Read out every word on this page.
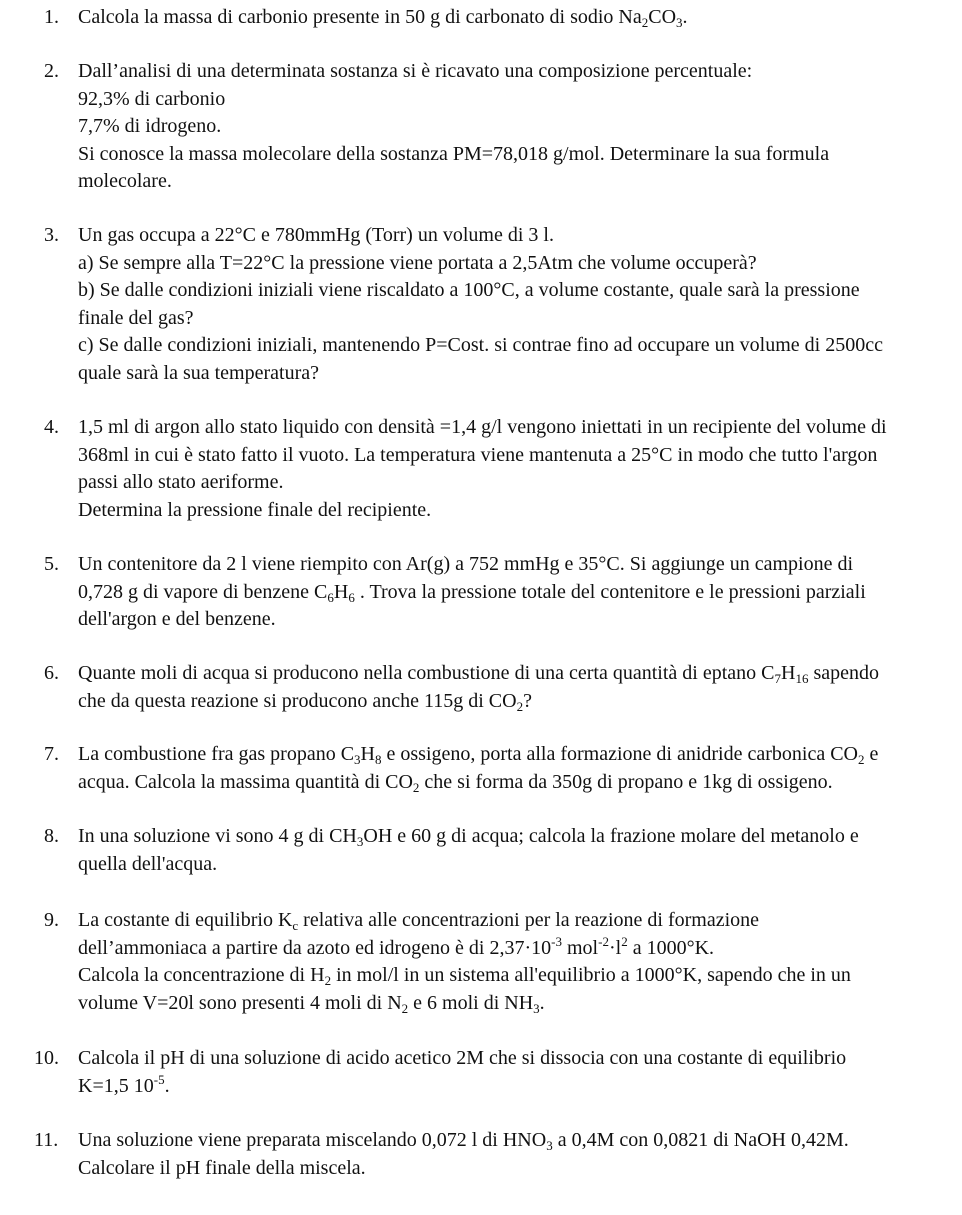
1. Calcola la massa di carbonio presente in 50 g di carbonato di sodio $Na_2CO_3$.
2. Dall’analisi di una determinata sostanza si è ricavato una composizione percentuale:
92,3% di carbonio
7,7% di idrogeno.
Si conosce la massa molecolare della sostanza PM=78,018 g/mol. Determinare la sua formula
molecolare.
3. Un gas occupa a 22°C e 780mmHg (Torr) un volume di 3 l.
a) Se sempre alla T=22°C la pressione viene portata a 2,5Atm che volume occuperà?
b) Se dalle condizioni iniziali viene riscaldato a 100°C, a volume costante, quale sarà la pressione
finale del gas?
c) Se dalle condizioni iniziali, mantenendo P=Cost. si contrae fino ad occupare un volume di 2500cc
quale sarà la sua temperatura?
4. 1,5 ml di argon allo stato liquido con densità =1,4 g/l vengono iniettati in un recipiente del volume di
368ml in cui è stato fatto il vuoto. La temperatura viene mantenuta a 25°C in modo che tutto l'argon
passi allo stato aeriforme.
Determina la pressione finale del recipiente.
5. Un contenitore da 2 l viene riempito con Ar(g) a 752 mmHg e 35°C. Si aggiunge un campione di
0,728 g di vapore di benzene $C_6H_6$ . Trova la pressione totale del contenitore e le pressioni parziali
dell'argon e del benzene.
6. Quante moli di acqua si producono nella combustione di una certa quantità di eptano $C_7H_{16}$ sapendo
che da questa reazione si producono anche 115g di $CO_2$?
7. La combustione fra gas propano $C_3H_8$ e ossigeno, porta alla formazione di anidride carbonica $CO_2$ e
acqua. Calcola la massima quantità di $CO_2$ che si forma da 350g di propano e 1kg di ossigeno.
8. In una soluzione vi sono 4 g di $CH_3OH$ e 60 g di acqua; calcola la frazione molare del metanolo e
quella dell'acqua.
9. La costante di equilibrio $K_c$ relativa alle concentrazioni per la reazione di formazione
dell’ammoniaca a partire da azoto ed idrogeno è di $2,37\cdot 10^{-3}$ $mol^{-2}\cdot l^2$ a 1000°K.
Calcola la concentrazione di $H_2$ in mol/l in un sistema all'equilibrio a 1000°K, sapendo che in un
volume V=20l sono presenti 4 moli di $N_2$ e 6 moli di $NH_3$.
10. Calcola il pH di una soluzione di acido acetico 2M che si dissocia con una costante di equilibrio
K=1,5 $10^{-5}$.
11. Una soluzione viene preparata miscelando 0,072 l di $HNO_3$ a 0,4M con 0,0821 di NaOH 0,42M.
Calcolare il pH finale della miscela.
